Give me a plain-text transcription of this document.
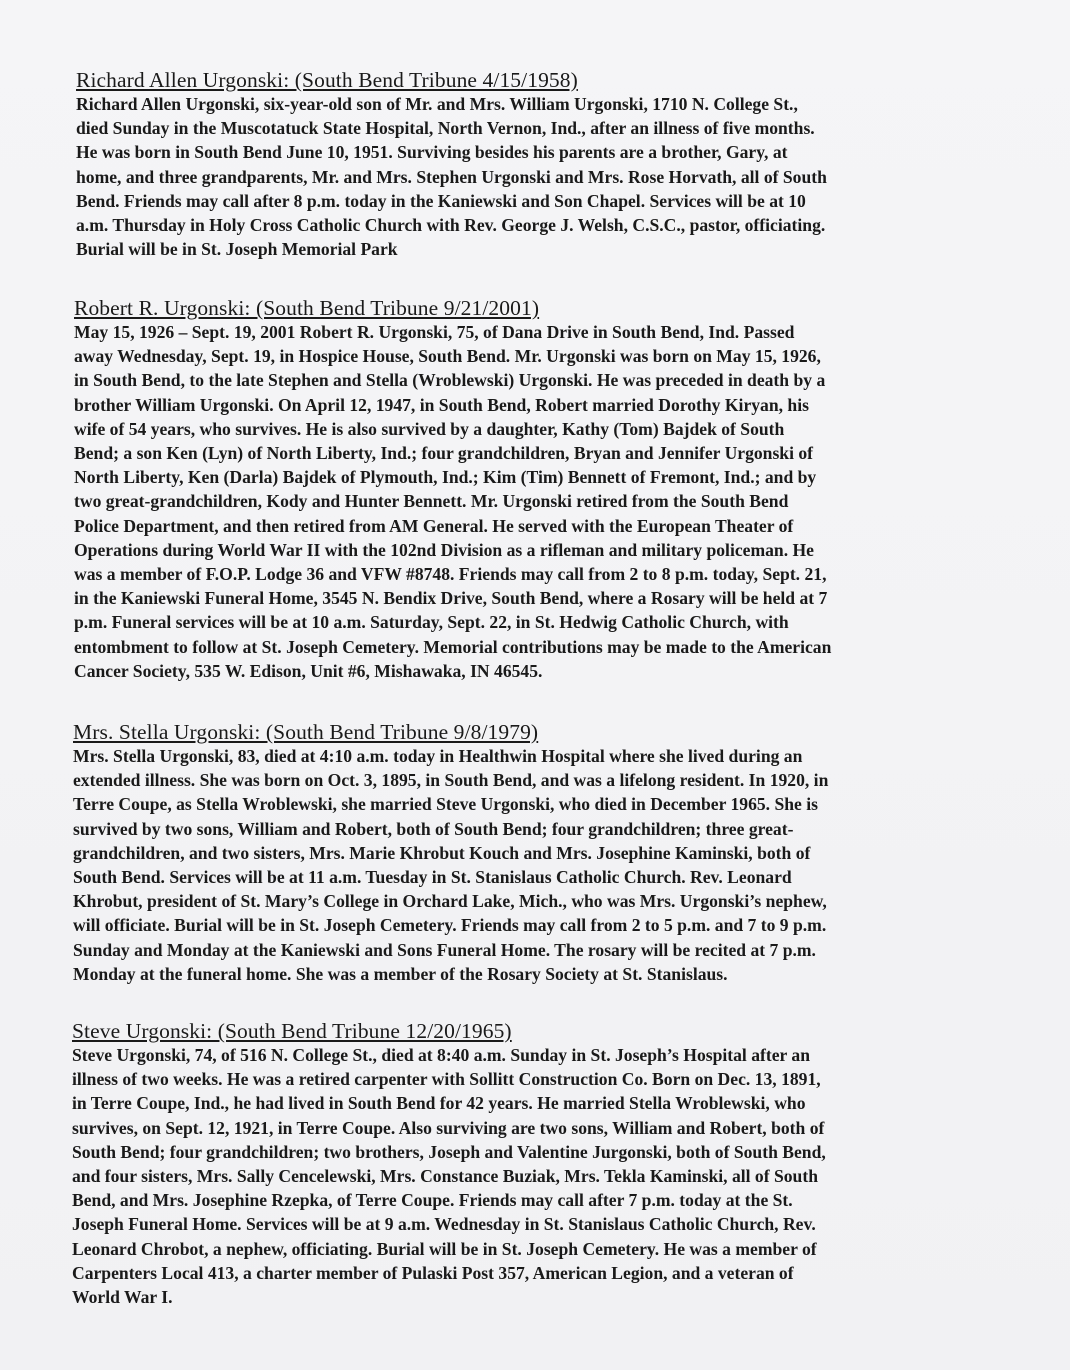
Richard Allen Urgonski: (South Bend Tribune 4/15/1958)
Richard Allen Urgonski, six-year-old son of Mr. and Mrs. William Urgonski, 1710 N. College St.,
died Sunday in the Muscotatuck State Hospital, North Vernon, Ind., after an illness of five months.
He was born in South Bend June 10, 1951. Surviving besides his parents are a brother, Gary, at
home, and three grandparents, Mr. and Mrs. Stephen Urgonski and Mrs. Rose Horvath, all of South
Bend. Friends may call after 8 p.m. today in the Kaniewski and Son Chapel. Services will be at 10
a.m. Thursday in Holy Cross Catholic Church with Rev. George J. Welsh, C.S.C., pastor, officiating.
Burial will be in St. Joseph Memorial Park
Robert R. Urgonski: (South Bend Tribune 9/21/2001)
May 15, 1926 – Sept. 19, 2001 Robert R. Urgonski, 75, of Dana Drive in South Bend, Ind. Passed
away Wednesday, Sept. 19, in Hospice House, South Bend. Mr. Urgonski was born on May 15, 1926,
in South Bend, to the late Stephen and Stella (Wroblewski) Urgonski. He was preceded in death by a
brother William Urgonski. On April 12, 1947, in South Bend, Robert married Dorothy Kiryan, his
wife of 54 years, who survives. He is also survived by a daughter, Kathy (Tom) Bajdek of South
Bend; a son Ken (Lyn) of North Liberty, Ind.; four grandchildren, Bryan and Jennifer Urgonski of
North Liberty, Ken (Darla) Bajdek of Plymouth, Ind.; Kim (Tim) Bennett of Fremont, Ind.; and by
two great-grandchildren, Kody and Hunter Bennett. Mr. Urgonski retired from the South Bend
Police Department, and then retired from AM General. He served with the European Theater of
Operations during World War II with the 102nd Division as a rifleman and military policeman. He
was a member of F.O.P. Lodge 36 and VFW #8748. Friends may call from 2 to 8 p.m. today, Sept. 21,
in the Kaniewski Funeral Home, 3545 N. Bendix Drive, South Bend, where a Rosary will be held at 7
p.m. Funeral services will be at 10 a.m. Saturday, Sept. 22, in St. Hedwig Catholic Church, with
entombment to follow at St. Joseph Cemetery. Memorial contributions may be made to the American
Cancer Society, 535 W. Edison, Unit #6, Mishawaka, IN 46545.
Mrs. Stella Urgonski: (South Bend Tribune 9/8/1979)
Mrs. Stella Urgonski, 83, died at 4:10 a.m. today in Healthwin Hospital where she lived during an
extended illness. She was born on Oct. 3, 1895, in South Bend, and was a lifelong resident. In 1920, in
Terre Coupe, as Stella Wroblewski, she married Steve Urgonski, who died in December 1965. She is
survived by two sons, William and Robert, both of South Bend; four grandchildren; three great-
grandchildren, and two sisters, Mrs. Marie Khrobut Kouch and Mrs. Josephine Kaminski, both of
South Bend. Services will be at 11 a.m. Tuesday in St. Stanislaus Catholic Church. Rev. Leonard
Khrobut, president of St. Mary’s College in Orchard Lake, Mich., who was Mrs. Urgonski’s nephew,
will officiate. Burial will be in St. Joseph Cemetery. Friends may call from 2 to 5 p.m. and 7 to 9 p.m.
Sunday and Monday at the Kaniewski and Sons Funeral Home. The rosary will be recited at 7 p.m.
Monday at the funeral home. She was a member of the Rosary Society at St. Stanislaus.
Steve Urgonski: (South Bend Tribune 12/20/1965)
Steve Urgonski, 74, of 516 N. College St., died at 8:40 a.m. Sunday in St. Joseph’s Hospital after an
illness of two weeks. He was a retired carpenter with Sollitt Construction Co. Born on Dec. 13, 1891,
in Terre Coupe, Ind., he had lived in South Bend for 42 years. He married Stella Wroblewski, who
survives, on Sept. 12, 1921, in Terre Coupe. Also surviving are two sons, William and Robert, both of
South Bend; four grandchildren; two brothers, Joseph and Valentine Jurgonski, both of South Bend,
and four sisters, Mrs. Sally Cencelewski, Mrs. Constance Buziak, Mrs. Tekla Kaminski, all of South
Bend, and Mrs. Josephine Rzepka, of Terre Coupe. Friends may call after 7 p.m. today at the St.
Joseph Funeral Home. Services will be at 9 a.m. Wednesday in St. Stanislaus Catholic Church, Rev.
Leonard Chrobot, a nephew, officiating. Burial will be in St. Joseph Cemetery. He was a member of
Carpenters Local 413, a charter member of Pulaski Post 357, American Legion, and a veteran of
World War I.
